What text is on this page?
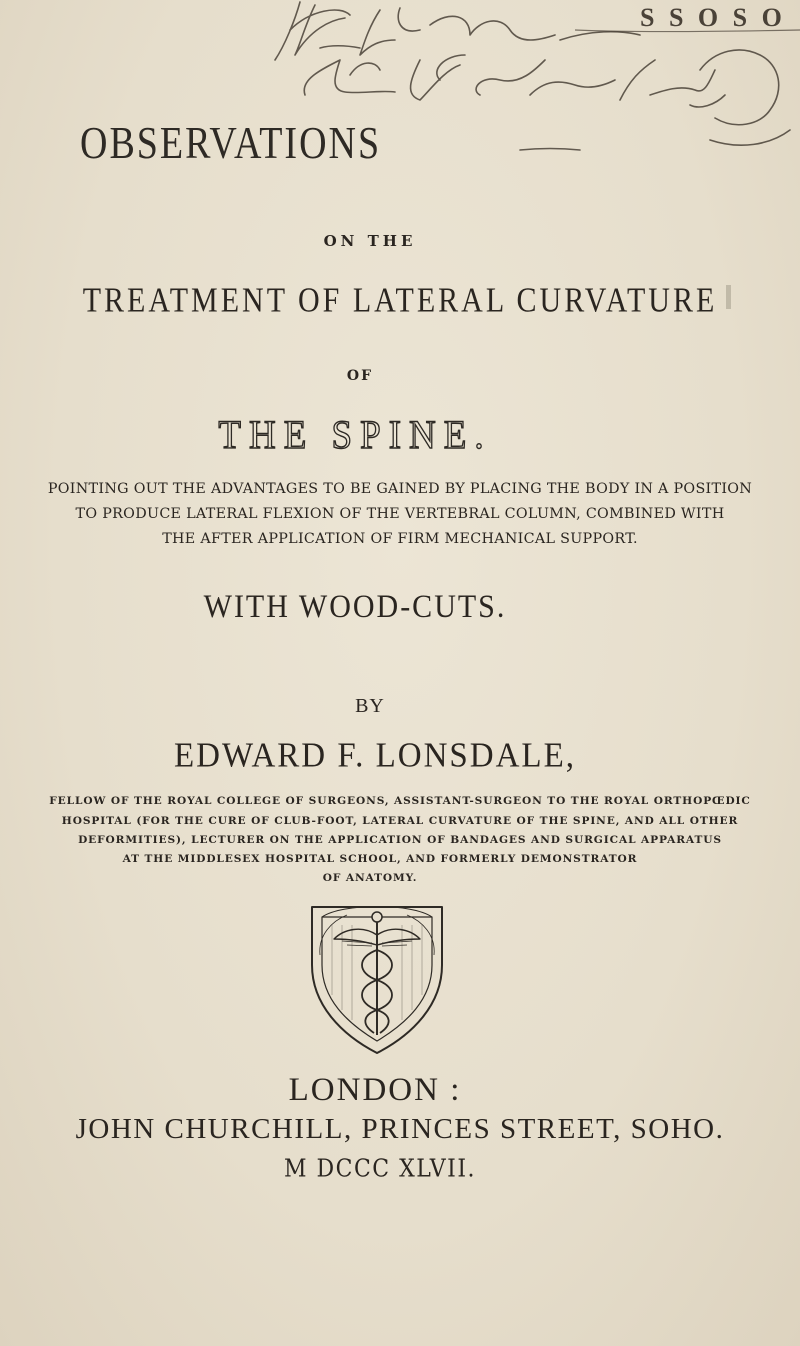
S S O S O

OBSERVATIONS

ON THE

TREATMENT OF LATERAL CURVATURE

OF

THE SPINE.

POINTING OUT THE ADVANTAGES TO BE GAINED BY PLACING THE BODY IN A POSITION

TO PRODUCE LATERAL FLEXION OF THE VERTEBRAL COLUMN, COMBINED WITH

THE AFTER APPLICATION OF FIRM MECHANICAL SUPPORT.

WITH WOOD-CUTS.

BY

EDWARD F. LONSDALE,

FELLOW OF THE ROYAL COLLEGE OF SURGEONS, ASSISTANT-SURGEON TO THE ROYAL ORTHOPŒDIC

HOSPITAL (FOR THE CURE OF CLUB-FOOT, LATERAL CURVATURE OF THE SPINE, AND ALL OTHER

DEFORMITIES), LECTURER ON THE APPLICATION OF BANDAGES AND SURGICAL APPARATUS

AT THE MIDDLESEX HOSPITAL SCHOOL, AND FORMERLY DEMONSTRATOR

OF ANATOMY.

LONDON :

JOHN CHURCHILL, PRINCES STREET, SOHO.

M DCCC XLVII.
